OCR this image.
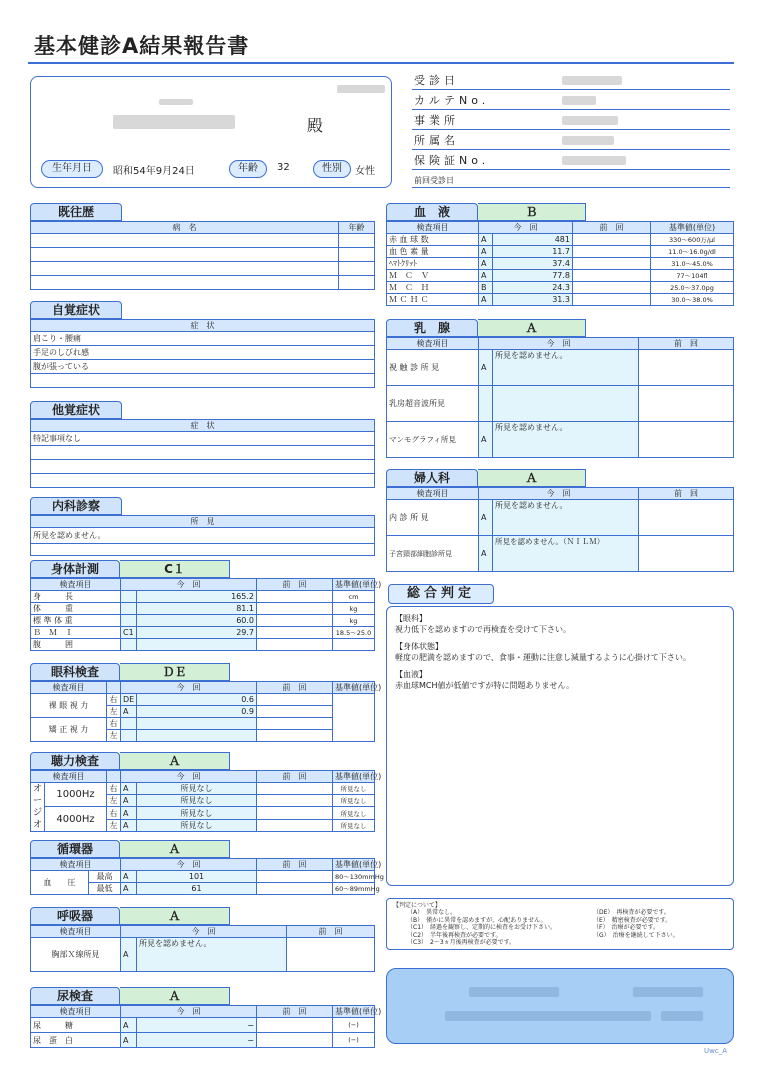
基本健診A結果報告書
殿
生年月日	昭和54年9月24日	年齢	32	性別	女性
受診日
カルテNo.
事業所
所属名
保険証No.
前回受診日
既往歴
病　名	年齢

自覚症状
症　状
肩こり・腰痛
手足のしびれ感
腹が張っている

他覚症状
症　状
特記事項なし

内科診察
所　見
所見を認めません。

身体計測	C１
検査項目	今　回		前　回	基準値(単位)
身　　　長		165.2		cm
体　　　重		81.1		kg
標 準 体 重		60.0		kg
Ｂ　Ｍ　Ｉ	C1	29.7		18.5〜25.0
腹　　　囲				
眼科検査	ＤＥ
検査項目		今　回		前　回	基準値(単位)
裸 眼 視 力	右	DE	0.6		
	左	A	0.9		
矯 正 視 力	右				
	左				
聴力検査	Ａ
検査項目			今　回		前　回	基準値(単位)
オージオ	1000Hz	右	A	所見なし		所見なし
		左	A	所見なし		所見なし
	4000Hz	右	A	所見なし		所見なし
		左	A	所見なし		所見なし
循環器	Ａ
検査項目		今　回		前　回	基準値(単位)
血　　圧	最高	A	101		80〜130mmHg
	最低	A	61		60〜89mmHg
呼吸器	Ａ
検査項目	今　回		前　回
胸部Ｘ線所見	A	所見を認めません。	
尿検査	Ａ
検査項目	今　回		前　回	基準値(単位)
尿　　　糖	A	−		(−)
尿　蛋　白	A	−		(−)
血　液	Ｂ
検査項目	今　回		前　回	基準値(単位)
赤 血 球 数	A	481		330〜600万/μl
血 色 素 量	A	11.7		11.0〜16.0g/dl
ﾍﾏﾄｸﾘｯﾄ	A	37.4		31.0〜45.0%
Ｍ　Ｃ　Ｖ	A	77.8		77〜104fl
Ｍ　Ｃ　Ｈ	B	24.3		25.0〜37.0pg
Ｍ Ｃ Ｈ Ｃ	A	31.3		30.0〜38.0%
乳　腺	Ａ
検査項目	今　回		前　回
視 触 診 所 見	A	所見を認めません。	
乳房超音波所見			
マンモグラフィ所見	A	所見を認めません。	
婦人科	Ａ
検査項目	今　回		前　回
内 診 所 見	A	所見を認めません。	
子宮頸部細胞診所見	A	所見を認めません。（ＮＩＬＭ）	
総合判定

【眼科】

視力低下を認めますので再検査を受けて下さい。

【身体状態】

軽度の肥満を認めますので、食事・運動に注意し減量するように心掛けて下さい。

【血液】

赤血球MCH値が低値ですが特に問題ありません。

【判定について】
（A）　異常なし。
（B）　僅かに異常を認めますが、心配ありません。
（C1）　経過を観察し、定期的に検査をお受け下さい。
（C2）　半年後再検査が必要です。
（C3）　2〜3ヵ月後再検査が必要です。
（DE）　再検査が必要です。
（E）　精密検査が必要です。
（F）　治療が必要です。
（G）　治療を継続して下さい。
Uwc_A
